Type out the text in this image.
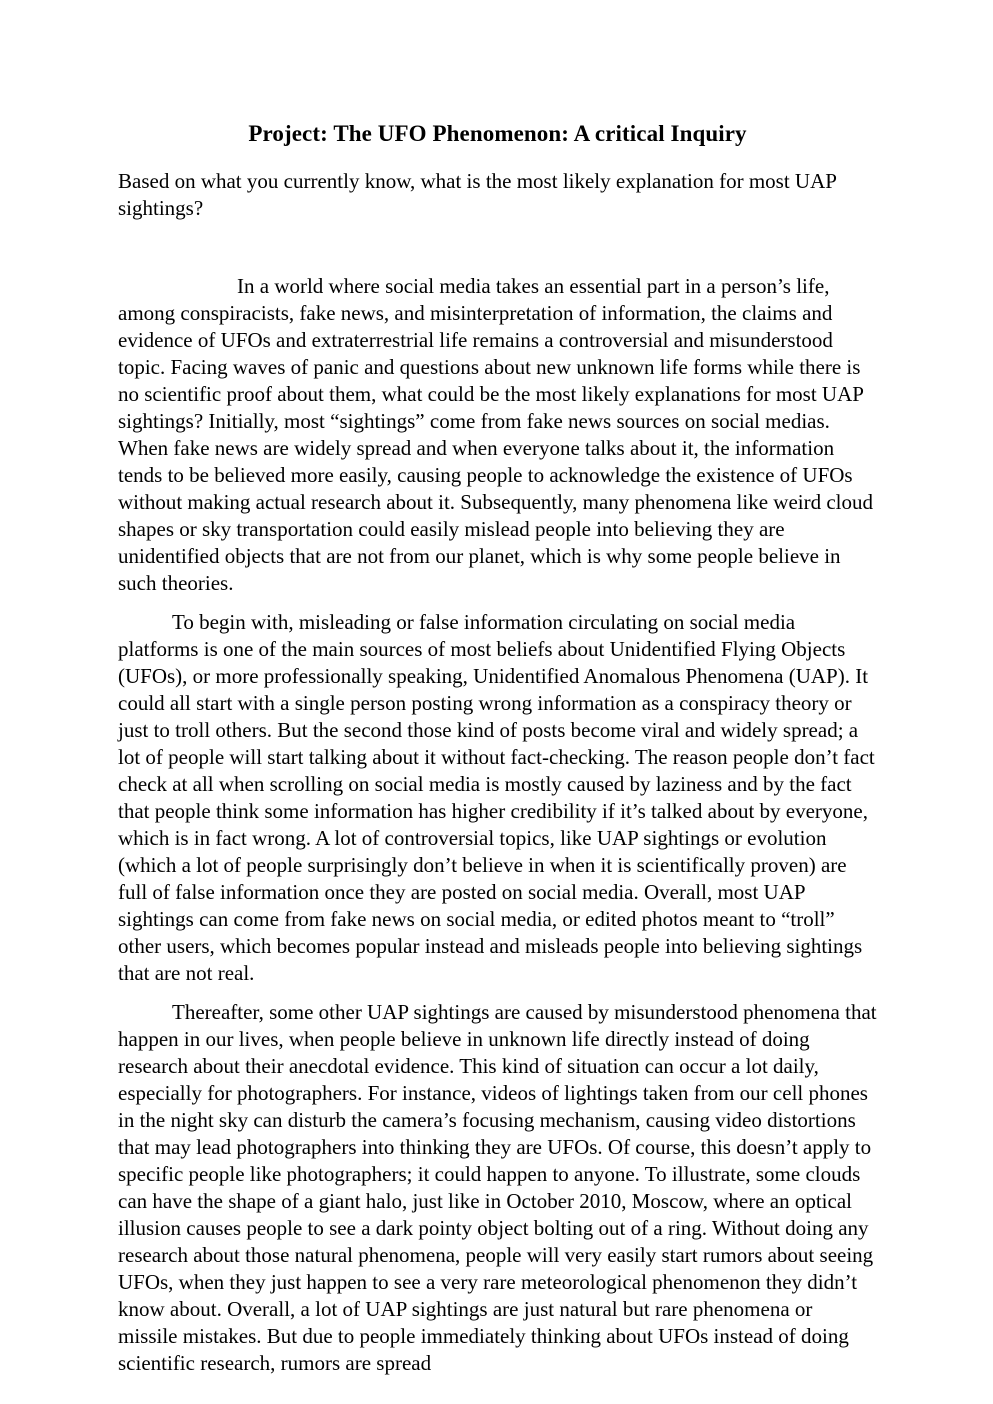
Project: The UFO Phenomenon: A critical Inquiry

Based on what you currently know, what is the most likely explanation for most UAP sightings?

In a world where social media takes an essential part in a person’s life, among conspiracists, fake news, and misinterpretation of information, the claims and evidence of UFOs and extraterrestrial life remains a controversial and misunderstood topic. Facing waves of panic and questions about new unknown life forms while there is no scientific proof about them, what could be the most likely explanations for most UAP sightings? Initially, most “sightings” come from fake news sources on social medias. When fake news are widely spread and when everyone talks about it, the information tends to be believed more easily, causing people to acknowledge the existence of UFOs without making actual research about it. Subsequently, many phenomena like weird cloud shapes or sky transportation could easily mislead people into believing they are unidentified objects that are not from our planet, which is why some people believe in such theories.

To begin with, misleading or false information circulating on social media platforms is one of the main sources of most beliefs about Unidentified Flying Objects (UFOs), or more professionally speaking, Unidentified Anomalous Phenomena (UAP). It could all start with a single person posting wrong information as a conspiracy theory or just to troll others. But the second those kind of posts become viral and widely spread; a lot of people will start talking about it without fact-checking. The reason people don’t fact check at all when scrolling on social media is mostly caused by laziness and by the fact that people think some information has higher credibility if it’s talked about by everyone, which is in fact wrong. A lot of controversial topics, like UAP sightings or evolution (which a lot of people surprisingly don’t believe in when it is scientifically proven) are full of false information once they are posted on social media. Overall, most UAP sightings can come from fake news on social media, or edited photos meant to “troll” other users, which becomes popular instead and misleads people into believing sightings that are not real.

Thereafter, some other UAP sightings are caused by misunderstood phenomena that happen in our lives, when people believe in unknown life directly instead of doing research about their anecdotal evidence. This kind of situation can occur a lot daily, especially for photographers. For instance, videos of lightings taken from our cell phones in the night sky can disturb the camera’s focusing mechanism, causing video distortions that may lead photographers into thinking they are UFOs. Of course, this doesn’t apply to specific people like photographers; it could happen to anyone. To illustrate, some clouds can have the shape of a giant halo, just like in October 2010, Moscow, where an optical illusion causes people to see a dark pointy object bolting out of a ring. Without doing any research about those natural phenomena, people will very easily start rumors about seeing UFOs, when they just happen to see a very rare meteorological phenomenon they didn’t know about. Overall, a lot of UAP sightings are just natural but rare phenomena or missile mistakes. But due to people immediately thinking about UFOs instead of doing scientific research, rumors are spread
